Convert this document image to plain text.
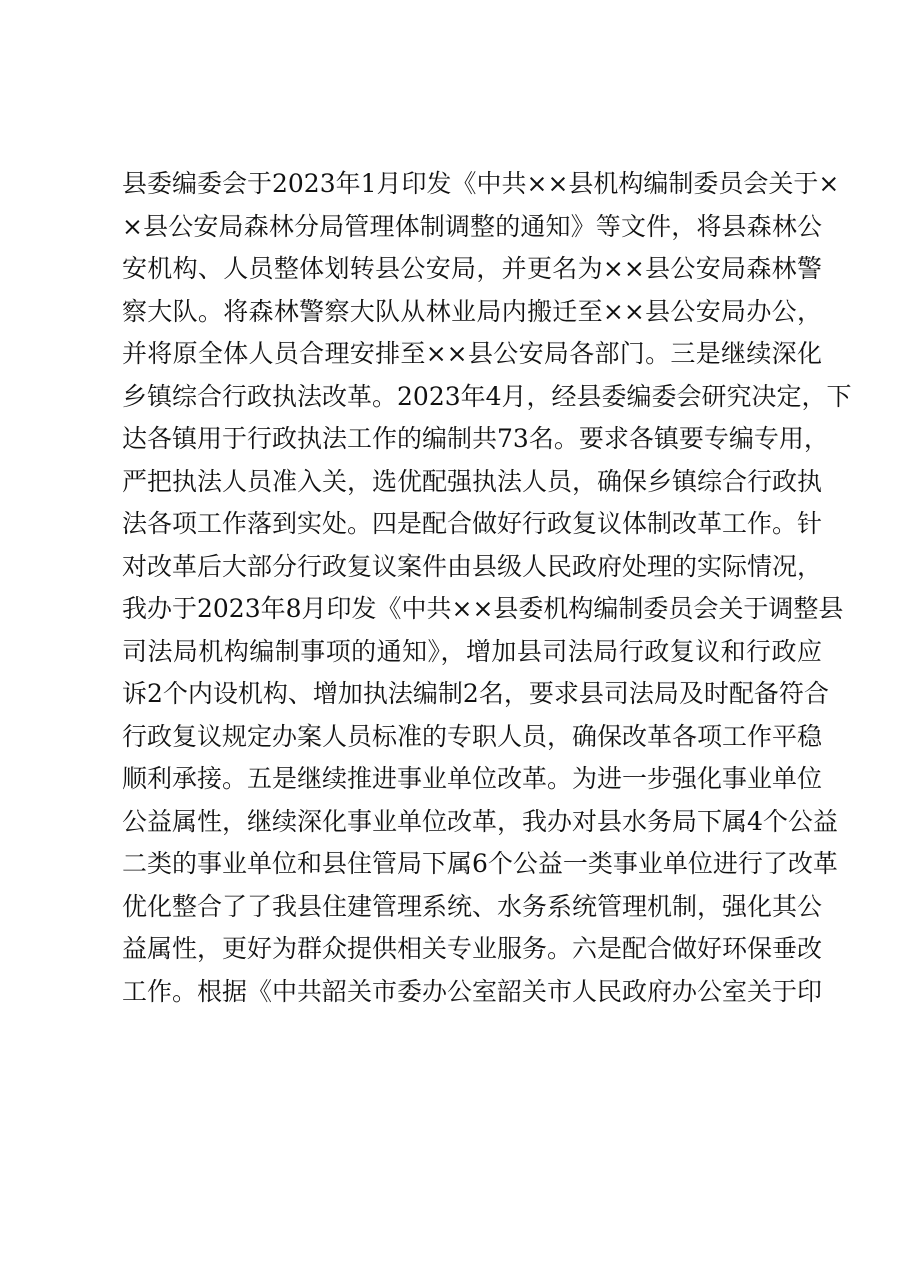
县委编委会于2023年1月印发《中共××县机构编制委员会关于×
×县公安局森林分局管理体制调整的通知》等文件，将县森林公
安机构、人员整体划转县公安局，并更名为××县公安局森林警
察大队。将森林警察大队从林业局内搬迁至××县公安局办公，
并将原全体人员合理安排至××县公安局各部门。三是继续深化
乡镇综合行政执法改革。2023年4月，经县委编委会研究决定，下
达各镇用于行政执法工作的编制共73名。要求各镇要专编专用，
严把执法人员准入关，选优配强执法人员，确保乡镇综合行政执
法各项工作落到实处。四是配合做好行政复议体制改革工作。针
对改革后大部分行政复议案件由县级人民政府处理的实际情况，
我办于2023年8月印发《中共××县委机构编制委员会关于调整县
司法局机构编制事项的通知》，增加县司法局行政复议和行政应
诉2个内设机构、增加执法编制2名，要求县司法局及时配备符合
行政复议规定办案人员标准的专职人员，确保改革各项工作平稳
顺利承接。五是继续推进事业单位改革。为进一步强化事业单位
公益属性，继续深化事业单位改革，我办对县水务局下属4个公益
二类的事业单位和县住管局下属6个公益一类事业单位进行了改革
优化整合了了我县住建管理系统、水务系统管理机制，强化其公
益属性，更好为群众提供相关专业服务。六是配合做好环保垂改
工作。根据《中共韶关市委办公室韶关市人民政府办公室关于印
